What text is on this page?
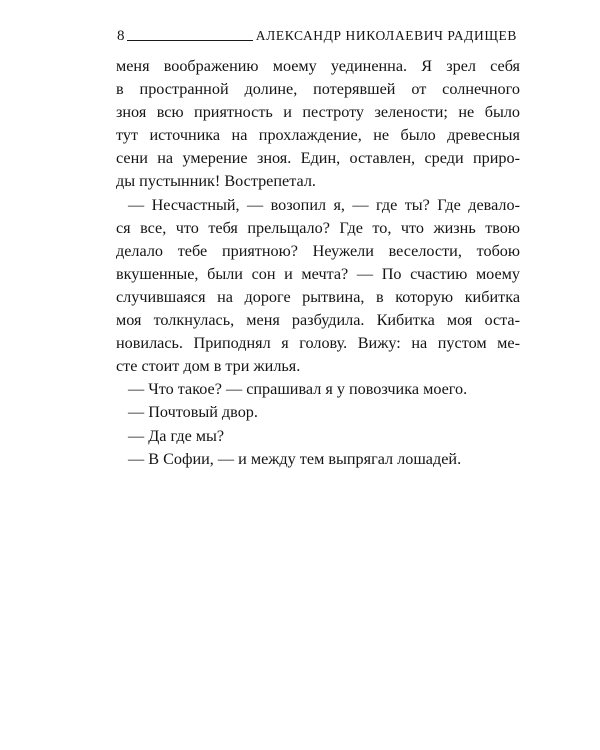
8	АЛЕКСАНДР НИКОЛАЕВИЧ РАДИЩЕВ
меня воображению моему уединенна. Я зрел себя
в пространной долине, потерявшей от солнечного
зноя всю приятность и пестроту зелености; не было
тут источника на прохлаждение, не было древесныя
сени на умерение зноя. Един, оставлен, среди приро-
ды пустынник! Вострепетал.
— Несчастный, — возопил я, — где ты? Где девало-
ся все, что тебя прельщало? Где то, что жизнь твою
делало тебе приятною? Неужели веселости, тобою
вкушенные, были сон и мечта? — По счастию моему
случившаяся на дороге рытвина, в которую кибитка
моя толкнулась, меня разбудила. Кибитка моя оста-
новилась. Приподнял я голову. Вижу: на пустом ме-
сте стоит дом в три жилья.
— Что такое? — спрашивал я у повозчика моего.
— Почтовый двор.
— Да где мы?
— В Софии, — и между тем выпрягал лошадей.
